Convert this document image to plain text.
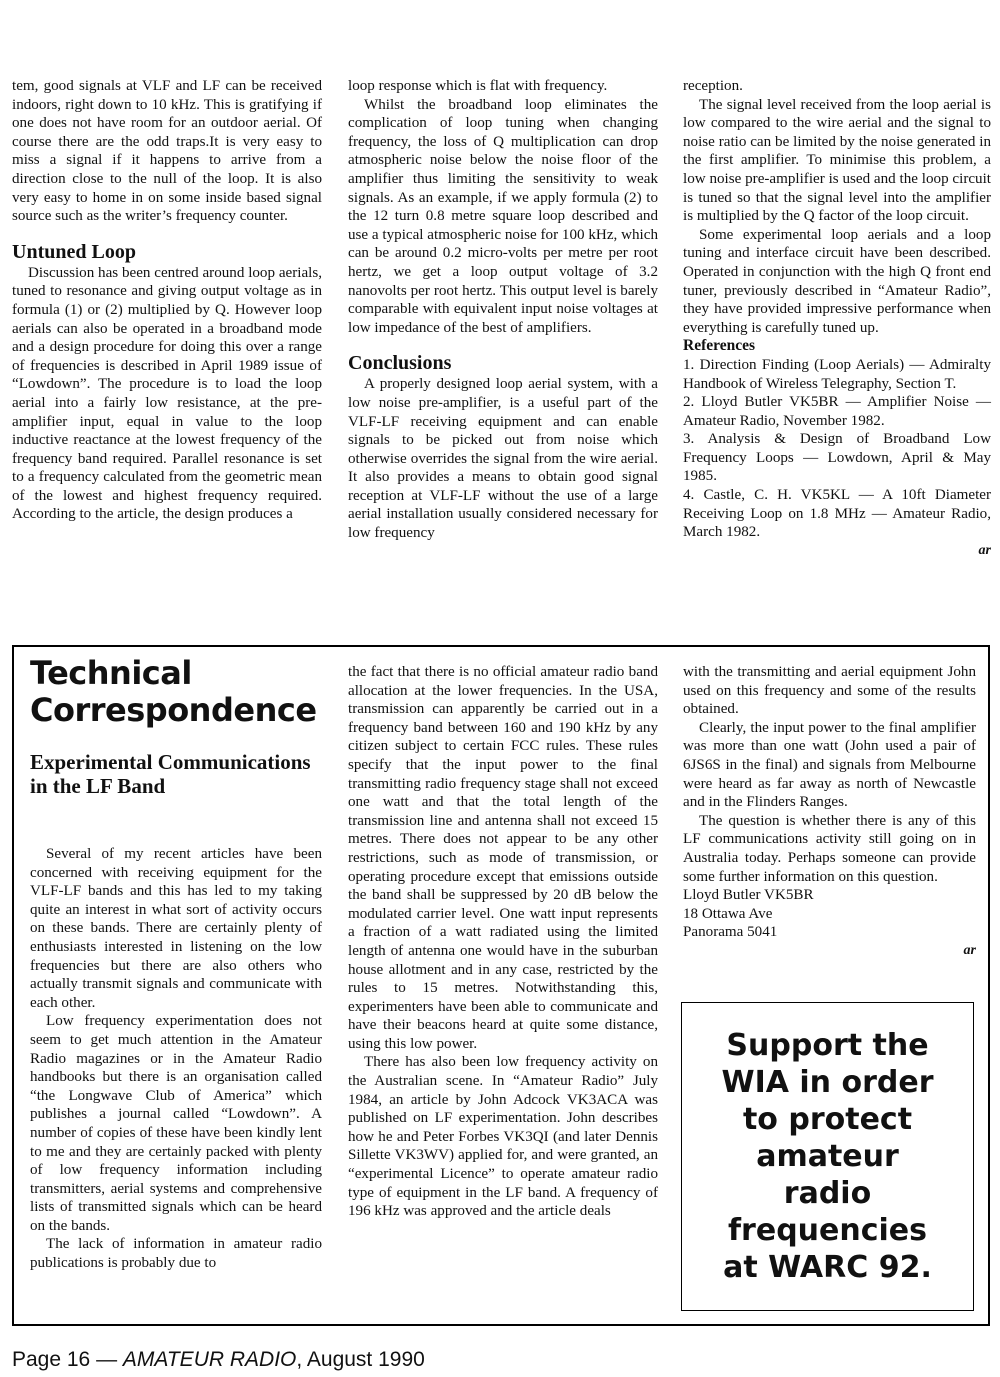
tem, good signals at VLF and LF can be received indoors, right down to 10 kHz. This is gratifying if one does not have room for an outdoor aerial. Of course there are the odd traps.It is very easy to miss a signal if it happens to arrive from a direction close to the null of the loop. It is also very easy to home in on some inside based signal source such as the writer’s frequency counter.

Untuned Loop

Discussion has been centred around loop aerials, tuned to resonance and giving output voltage as in formula (1) or (2) multiplied by Q. However loop aerials can also be operated in a broadband mode and a design procedure for doing this over a range of frequencies is described in April 1989 issue of “Lowdown”. The procedure is to load the loop aerial into a fairly low resistance, at the pre-amplifier input, equal in value to the loop inductive reactance at the lowest frequency of the frequency band required. Parallel resonance is set to a frequency calculated from the geometric mean of the lowest and highest frequency required. According to the article, the design produces a

loop response which is flat with frequency.

Whilst the broadband loop eliminates the complication of loop tuning when changing frequency, the loss of Q multiplication can drop atmospheric noise below the noise floor of the amplifier thus limiting the sensitivity to weak signals. As an example, if we apply formula (2) to the 12 turn 0.8 metre square loop described and use a typical atmospheric noise for 100 kHz, which can be around 0.2 micro-volts per metre per root hertz, we get a loop output voltage of 3.2 nanovolts per root hertz. This output level is barely comparable with equivalent input noise voltages at low impedance of the best of amplifiers.

Conclusions

A properly designed loop aerial system, with a low noise pre-amplifier, is a useful part of the VLF-LF receiving equipment and can enable signals to be picked out from noise which otherwise overrides the signal from the wire aerial. It also provides a means to obtain good signal reception at VLF-LF without the use of a large aerial installation usually considered necessary for low frequency

reception.

The signal level received from the loop aerial is low compared to the wire aerial and the signal to noise ratio can be limited by the noise generated in the first amplifier. To minimise this problem, a low noise pre-amplifier is used and the loop circuit is tuned so that the signal level into the amplifier is multiplied by the Q factor of the loop circuit.

Some experimental loop aerials and a loop tuning and interface circuit have been described. Operated in conjunction with the high Q front end tuner, previously described in “Amateur Radio”, they have provided impressive performance when everything is carefully tuned up.

References

1. Direction Finding (Loop Aerials) — Admiralty Handbook of Wireless Telegraphy, Section T.

2. Lloyd Butler VK5BR — Amplifier Noise — Amateur Radio, November 1982.

3. Analysis & Design of Broadband Low Frequency Loops — Lowdown, April & May 1985.

4. Castle, C. H. VK5KL — A 10ft Diameter Receiving Loop on 1.8 MHz — Amateur Radio, March 1982.

ar

Technical
Correspondence
Experimental Communications in the LF Band

Several of my recent articles have been concerned with receiving equipment for the VLF-LF bands and this has led to my taking quite an interest in what sort of activity occurs on these bands. There are certainly plenty of enthusiasts interested in listening on the low frequencies but there are also others who actually transmit signals and communicate with each other.

Low frequency experimentation does not seem to get much attention in the Amateur Radio magazines or in the Amateur Radio handbooks but there is an organisation called “the Longwave Club of America” which publishes a journal called “Lowdown”. A number of copies of these have been kindly lent to me and they are certainly packed with plenty of low frequency information including transmitters, aerial systems and comprehensive lists of transmitted signals which can be heard on the bands.

The lack of information in amateur radio publications is probably due to

the fact that there is no official amateur radio band allocation at the lower frequencies. In the USA, transmission can apparently be carried out in a frequency band between 160 and 190 kHz by any citizen subject to certain FCC rules. These rules specify that the input power to the final transmitting radio frequency stage shall not exceed one watt and that the total length of the transmission line and antenna shall not exceed 15 metres. There does not appear to be any other restrictions, such as mode of transmission, or operating procedure except that emissions outside the band shall be suppressed by 20 dB below the modulated carrier level. One watt input represents a fraction of a watt radiated using the limited length of antenna one would have in the suburban house allotment and in any case, restricted by the rules to 15 metres. Notwithstanding this, experimenters have been able to communicate and have their beacons heard at quite some distance, using this low power.

There has also been low frequency activity on the Australian scene. In “Amateur Radio” July 1984, an article by John Adcock VK3ACA was published on LF experimentation. John describes how he and Peter Forbes VK3QI (and later Dennis Sillette VK3WV) applied for, and were granted, an “experimental Licence” to operate amateur radio type of equipment in the LF band. A frequency of 196 kHz was approved and the article deals

with the transmitting and aerial equipment John used on this frequency and some of the results obtained.

Clearly, the input power to the final amplifier was more than one watt (John used a pair of 6JS6S in the final) and signals from Melbourne were heard as far away as north of Newcastle and in the Flinders Ranges.

The question is whether there is any of this LF communications activity still going on in Australia today. Perhaps someone can provide some further information on this question.

Lloyd Butler VK5BR

18 Ottawa Ave

Panorama 5041

ar

Support the
WIA in order
to protect
amateur
radio
frequencies
at WARC 92.
Page 16 — AMATEUR RADIO, August 1990
